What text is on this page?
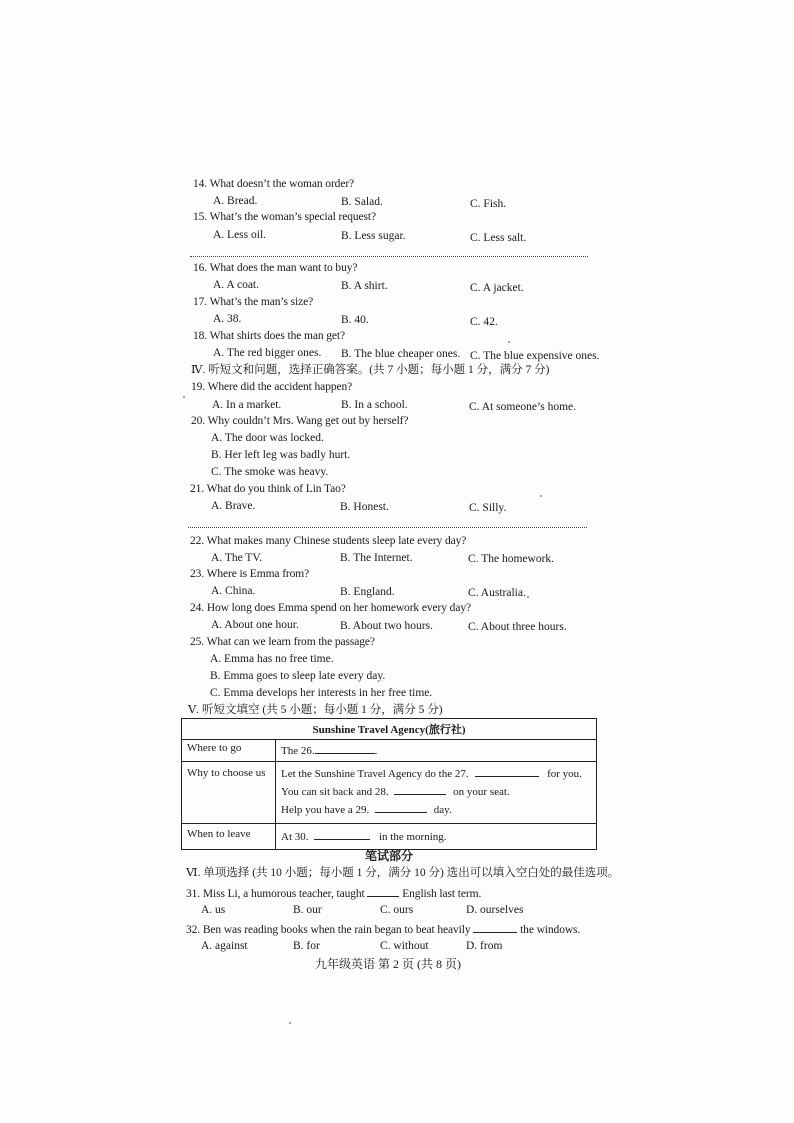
14. What doesn’t the woman order?
A. Bread.	B. Salad.	C. Fish.
15. What’s the woman’s special request?
A. Less oil.	B. Less sugar.	C. Less salt.
16. What does the man want to buy?
A. A coat.	B. A shirt.	C. A jacket.
17. What’s the man’s size?
A. 38.	B. 40.	C. 42.
18. What shirts does the man get?
A. The red bigger ones. B. The blue cheaper ones. C. The blue expensive ones.
Ⅳ. 听短文和问题，选择正确答案。(共 7 小题；每小题 1 分，满分 7 分)
19. Where did the accident happen?
A. In a market.	B. In a school.	C. At someone’s home.
20. Why couldn’t Mrs. Wang get out by herself?
A. The door was locked.
B. Her left leg was badly hurt.
C. The smoke was heavy.
21. What do you think of Lin Tao?
A. Brave.	B. Honest.	C. Silly.
22. What makes many Chinese students sleep late every day?
A. The TV.	B. The Internet.	C. The homework.
23. Where is Emma from?
A. China.	B. England.	C. Australia.
24. How long does Emma spend on her homework every day?
A. About one hour.	B. About two hours.	C. About three hours.
25. What can we learn from the passage?
A. Emma has no free time.
B. Emma goes to sleep late every day.
C. Emma develops her interests in her free time.
Ⅴ. 听短文填空 (共 5 小题；每小题 1 分，满分 5 分)
Sunshine Travel Agency(旅行社)	
Where to go	The 26. .
Why to choose us	Let the Sunshine Travel Agency do the 27. for you.
You can sit back and 28. on your seat.
Help you have a 29. day.

When to leave	At 30. in the morning.
笔试部分
Ⅵ. 单项选择 (共 10 小题；每小题 1 分，满分 10 分) 选出可以填入空白处的最佳选项。
31. Miss Li, a humorous teacher, taught	English last term.
A. us	B. our	C. ours	D. ourselves
32. Ben was reading books when the rain began to beat heavily	the windows.
A. against	B. for	C. without	D. from
九年级英语 第 2 页 (共 8 页)
